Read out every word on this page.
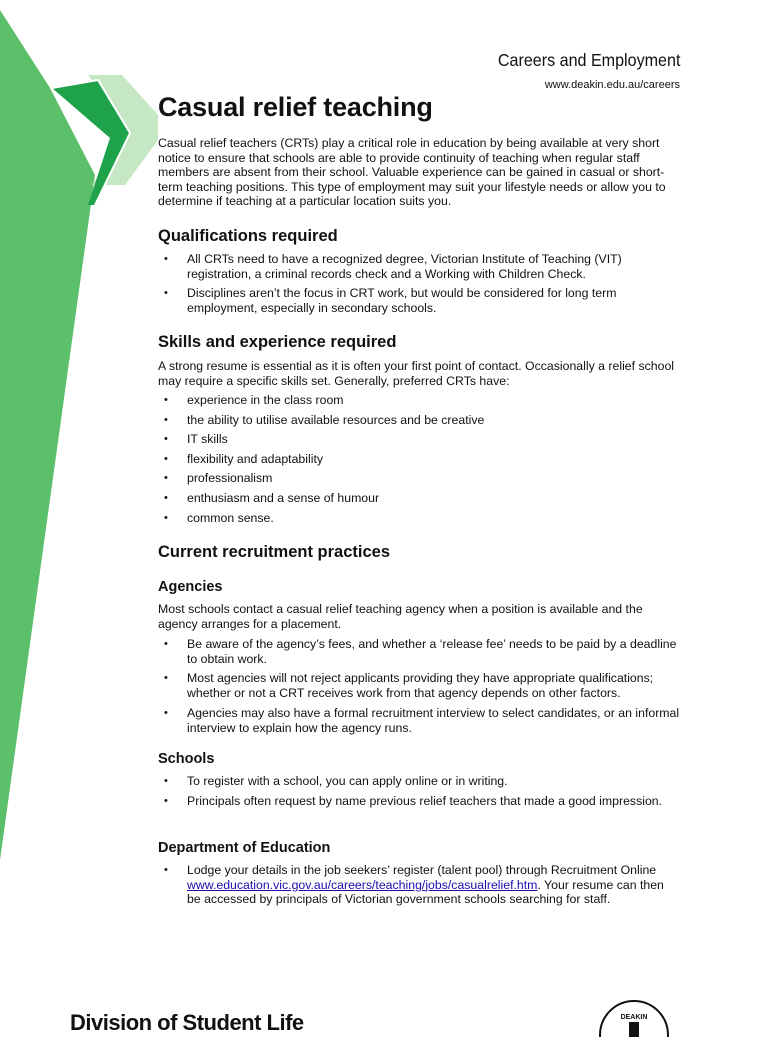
Careers and Employment
www.deakin.edu.au/careers
Casual relief teaching

Casual relief teachers (CRTs) play a critical role in education by being available at very short notice to ensure that schools are able to provide continuity of teaching when regular staff members are absent from their school. Valuable experience can be gained in casual or short-term teaching positions. This type of employment may suit your lifestyle needs or allow you to determine if teaching at a particular location suits you.

Qualifications required
• All CRTs need to have a recognized degree, Victorian Institute of Teaching (VIT) registration, a criminal records check and a Working with Children Check.
• Disciplines aren’t the focus in CRT work, but would be considered for long term employment, especially in secondary schools.
Skills and experience required

A strong resume is essential as it is often your first point of contact. Occasionally a relief school may require a specific skills set. Generally, preferred CRTs have:

• experience in the class room
• the ability to utilise available resources and be creative
• IT skills
• flexibility and adaptability
• professionalism
• enthusiasm and a sense of humour
• common sense.
Current recruitment practices
Agencies

Most schools contact a casual relief teaching agency when a position is available and the agency arranges for a placement.

• Be aware of the agency’s fees, and whether a ‘release fee’ needs to be paid by a deadline to obtain work.
• Most agencies will not reject applicants providing they have appropriate qualifications; whether or not a CRT receives work from that agency depends on other factors.
• Agencies may also have a formal recruitment interview to select candidates, or an informal interview to explain how the agency runs.
Schools
• To register with a school, you can apply online or in writing.
• Principals often request by name previous relief teachers that made a good impression.
Department of Education
• Lodge your details in the job seekers’ register (talent pool) through Recruitment Online www.education.vic.gov.au/careers/teaching/jobs/casualrelief.htm. Your resume can then be accessed by principals of Victorian government schools searching for staff.
Division of Student Life	DEAKIN
